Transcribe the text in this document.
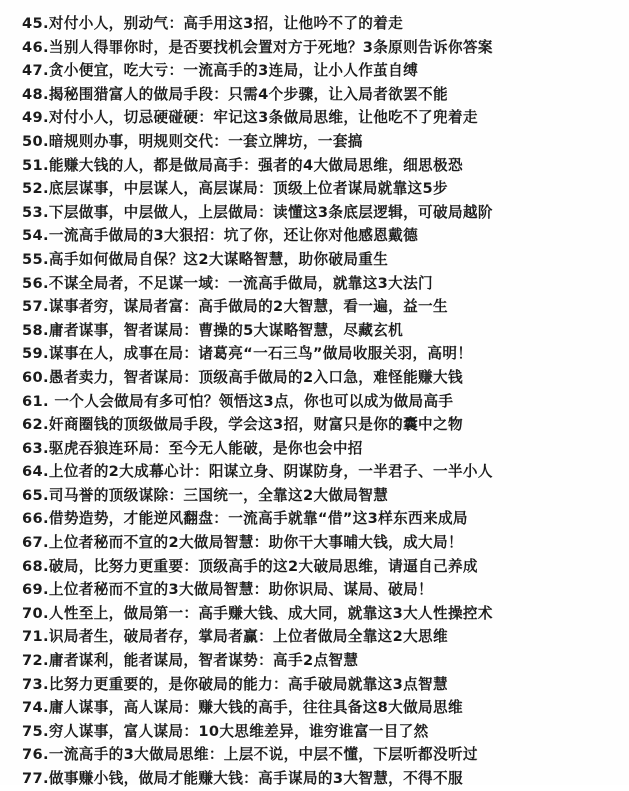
45.对付小人，别动气：高手用这3招，让他吟不了的着走
46.当别人得罪你时，是否要找机会置对方于死地？3条原则告诉你答案
47.贪小便宜，吃大亏：一流高手的3连局，让小人作茧自缚
48.揭秘围猎富人的做局手段：只需4个步骤，让入局者欲罢不能
49.对付小人，切忌硬碰硬：牢记这3条做局思维，让他吃不了兜着走
50.暗规则办事，明规则交代：一套立牌坊，一套搞
51.能赚大钱的人，都是做局高手：强者的4大做局思维，细思极恐
52.底层谋事，中层谋人，高层谋局：顶级上位者谋局就靠这5步
53.下层做事，中层做人，上层做局：读懂这3条底层逻辑，可破局越阶
54.一流高手做局的3大狠招：坑了你，还让你对他感恩戴德
55.高手如何做局自保？这2大谋略智慧，助你破局重生
56.不谋全局者，不足谋一域：一流高手做局，就靠这3大法门
57.谋事者穷，谋局者富：高手做局的2大智慧，看一遍，益一生
58.庸者谋事，智者谋局：曹操的5大谋略智慧，尽藏玄机
59.谋事在人，成事在局：诸葛亮“一石三鸟”做局收服关羽，高明！
60.愚者卖力，智者谋局：顶级高手做局的2入口急，难怪能赚大钱
61. 一个人会做局有多可怕？领悟这3点，你也可以成为做局高手
62.奸商圈钱的顶级做局手段，学会这3招，财富只是你的囊中之物
63.驱虎吞狼连环局：至今无人能破，是你也会中招
64.上位者的2大成幕心计：阳谋立身、阴谋防身，一半君子、一半小人
65.司马誉的顶级谋除：三国统一，全靠这2大做局智慧
66.借势造势，才能逆风翻盘：一流高手就靠“借”这3样东西来成局
67.上位者秘而不宣的2大做局智慧：助你干大事晡大钱，成大局！
68.破局，比努力更重要：顶级高手的这2大破局思维，请逼自己养成
69.上位者秘而不宣的3大做局智慧：助你识局、谋局、破局！
70.人性至上，做局第一：高手赚大钱、成大同，就靠这3大人性操控术
71.识局者生，破局者存，掌局者赢：上位者做局全靠这2大思维
72.庸者谋利，能者谋局，智者谋势：高手2点智慧
73.比努力更重要的，是你破局的能力：高手破局就靠这3点智慧
74.庸人谋事，高人谋局：赚大钱的高手，往往具备这8大做局思维
75.穷人谋事，富人谋局：10大思维差异，谁穷谁富一目了然
76.一流高手的3大做局思维：上层不说，中层不懂，下层听都没听过
77.做事赚小钱，做局才能赚大钱：高手谋局的3大智慧，不得不服
